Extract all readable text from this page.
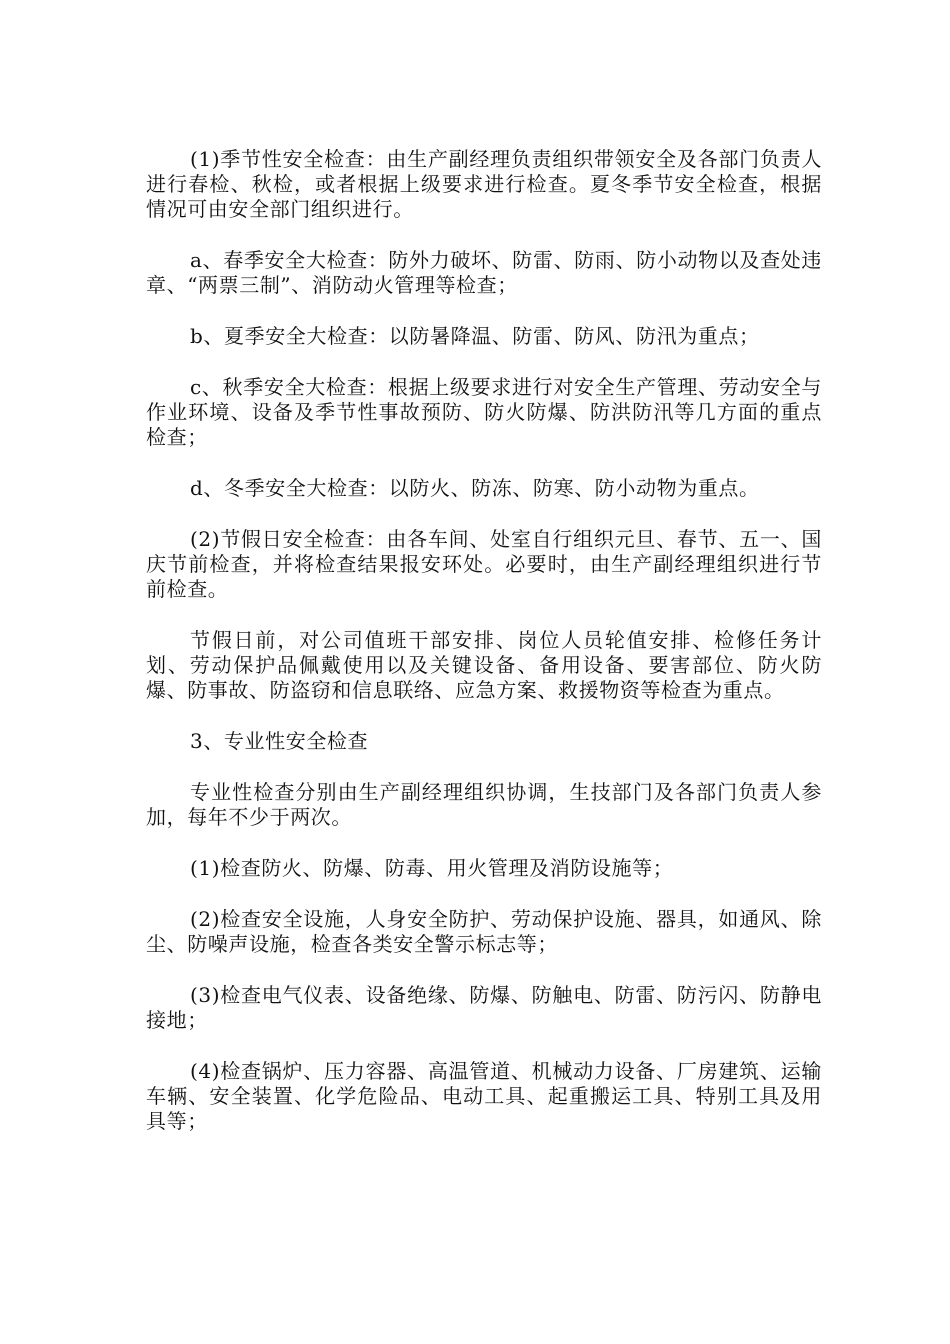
(1)季节性安全检查：由生产副经理负责组织带领安全及各部门负责人进行春检、秋检，或者根据上级要求进行检查。夏冬季节安全检查，根据情况可由安全部门组织进行。

a、春季安全大检查：防外力破坏、防雷、防雨、防小动物以及查处违章、“两票三制”、消防动火管理等检查；

b、夏季安全大检查：以防暑降温、防雷、防风、防汛为重点；

c、秋季安全大检查：根据上级要求进行对安全生产管理、劳动安全与作业环境、设备及季节性事故预防、防火防爆、防洪防汛等几方面的重点检查；

d、冬季安全大检查：以防火、防冻、防寒、防小动物为重点。

(2)节假日安全检查：由各车间、处室自行组织元旦、春节、五一、国庆节前检查，并将检查结果报安环处。必要时，由生产副经理组织进行节前检查。

节假日前，对公司值班干部安排、岗位人员轮值安排、检修任务计划、劳动保护品佩戴使用以及关键设备、备用设备、要害部位、防火防爆、防事故、防盗窃和信息联络、应急方案、救援物资等检查为重点。

3、专业性安全检查

专业性检查分别由生产副经理组织协调，生技部门及各部门负责人参加，每年不少于两次。

(1)检查防火、防爆、防毒、用火管理及消防设施等；

(2)检查安全设施，人身安全防护、劳动保护设施、器具，如通风、除尘、防噪声设施，检查各类安全警示标志等；

(3)检查电气仪表、设备绝缘、防爆、防触电、防雷、防污闪、防静电接地；

(4)检查锅炉、压力容器、高温管道、机械动力设备、厂房建筑、运输车辆、安全装置、化学危险品、电动工具、起重搬运工具、特别工具及用具等；
